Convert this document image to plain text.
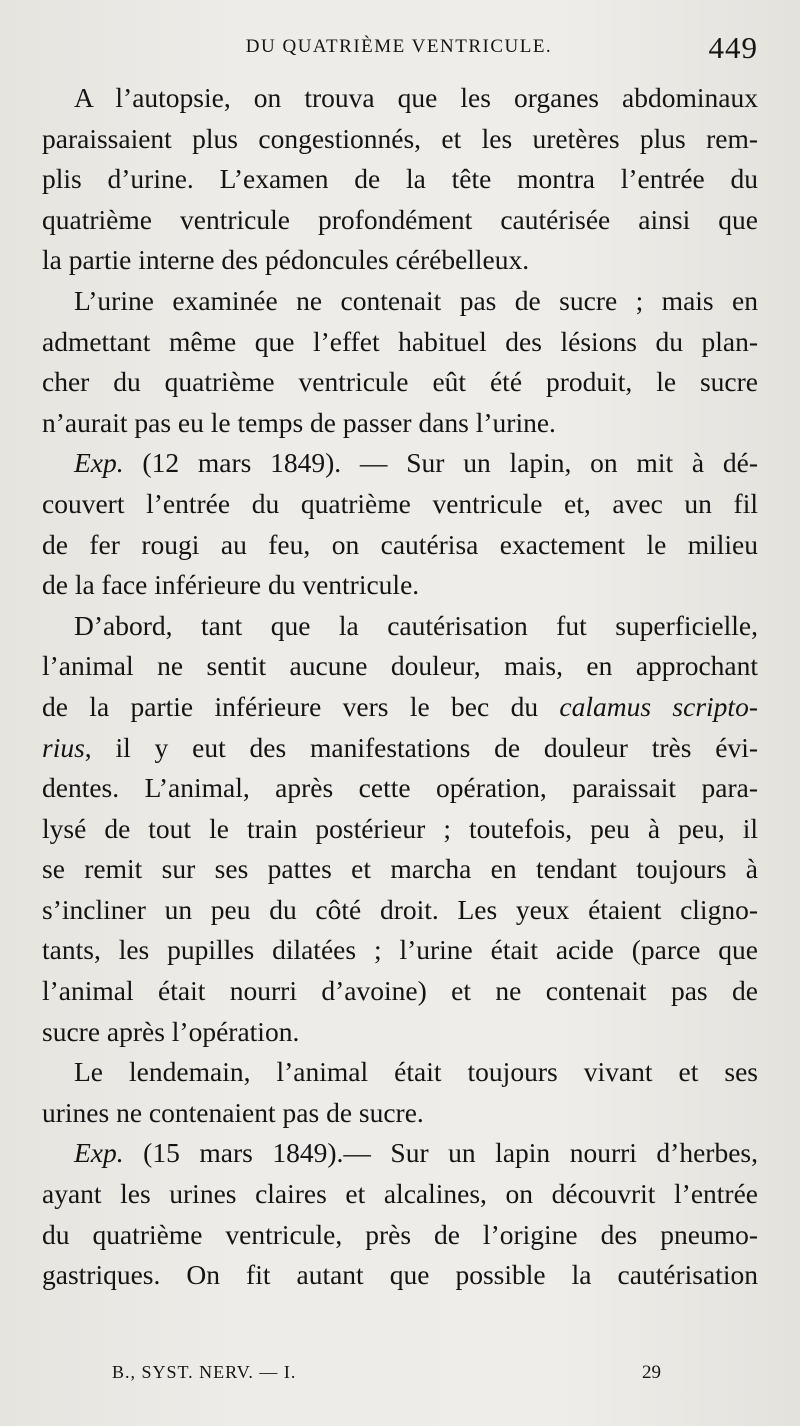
DU QUATRIÈME VENTRICULE.	449
A l’autopsie, on trouva que les organes abdominaux
paraissaient plus congestionnés, et les uretères plus rem-
plis d’urine. L’examen de la tête montra l’entrée du
quatrième ventricule profondément cautérisée ainsi que
la partie interne des pédoncules cérébelleux.
L’urine examinée ne contenait pas de sucre ; mais en
admettant même que l’effet habituel des lésions du plan-
cher du quatrième ventricule eût été produit, le sucre
n’aurait pas eu le temps de passer dans l’urine.
Exp. (12 mars 1849). — Sur un lapin, on mit à dé-
couvert l’entrée du quatrième ventricule et, avec un fil
de fer rougi au feu, on cautérisa exactement le milieu
de la face inférieure du ventricule.
D’abord, tant que la cautérisation fut superficielle,
l’animal ne sentit aucune douleur, mais, en approchant
de la partie inférieure vers le bec du calamus scripto-
rius, il y eut des manifestations de douleur très évi-
dentes. L’animal, après cette opération, paraissait para-
lysé de tout le train postérieur ; toutefois, peu à peu, il
se remit sur ses pattes et marcha en tendant toujours à
s’incliner un peu du côté droit. Les yeux étaient cligno-
tants, les pupilles dilatées ; l’urine était acide (parce que
l’animal était nourri d’avoine) et ne contenait pas de
sucre après l’opération.
Le lendemain, l’animal était toujours vivant et ses
urines ne contenaient pas de sucre.
Exp. (15 mars 1849).— Sur un lapin nourri d’herbes,
ayant les urines claires et alcalines, on découvrit l’entrée
du quatrième ventricule, près de l’origine des pneumo-
gastriques. On fit autant que possible la cautérisation
B., SYST. NERV. — I.	29
